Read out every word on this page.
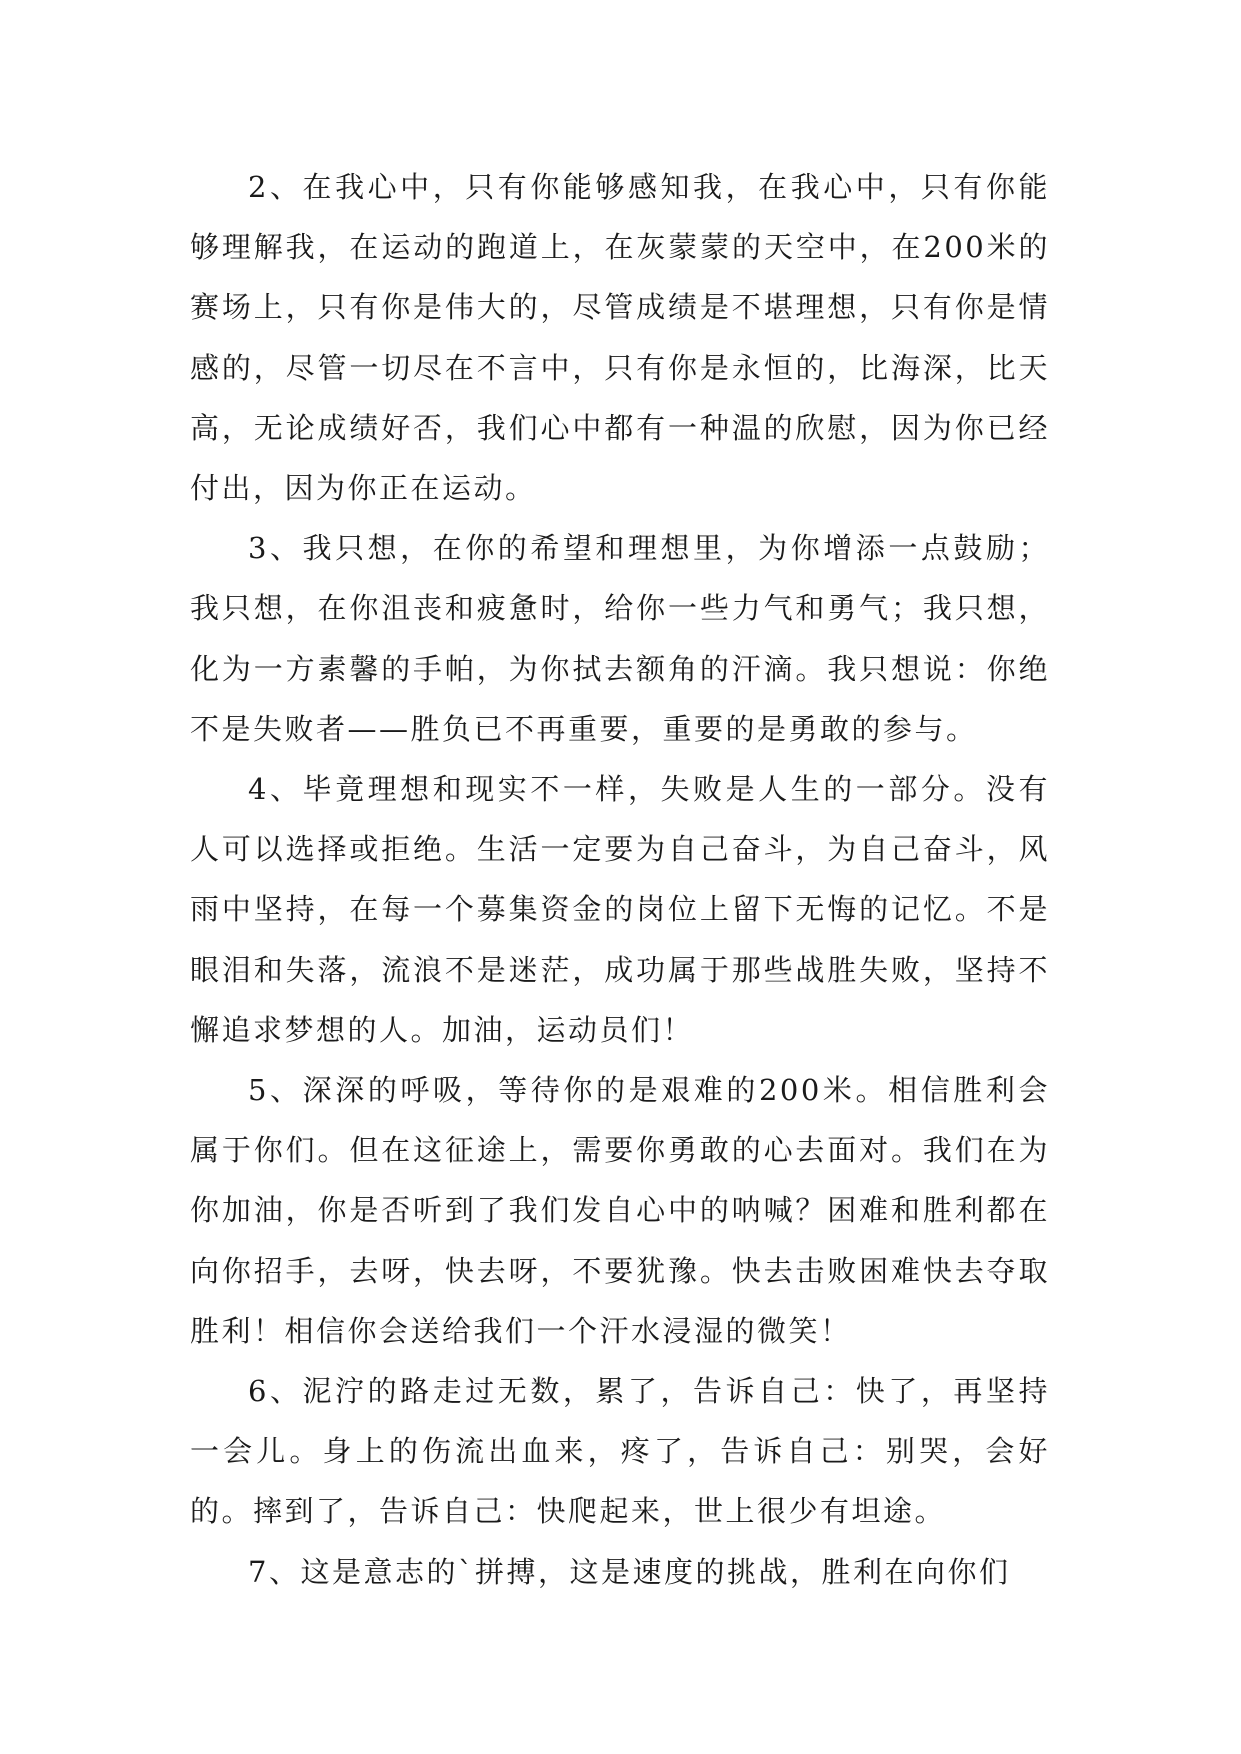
2、在我心中，只有你能够感知我，在我心中，只有你能够理解我，在运动的跑道上，在灰蒙蒙的天空中，在200米的赛场上，只有你是伟大的，尽管成绩是不堪理想，只有你是情感的，尽管一切尽在不言中，只有你是永恒的，比海深，比天高，无论成绩好否，我们心中都有一种温的欣慰，因为你已经付出，因为你正在运动。

3、我只想，在你的希望和理想里，为你增添一点鼓励；我只想，在你沮丧和疲惫时，给你一些力气和勇气；我只想，化为一方素馨的手帕，为你拭去额角的汗滴。我只想说：你绝不是失败者——胜负已不再重要，重要的是勇敢的参与。

4、毕竟理想和现实不一样，失败是人生的一部分。没有人可以选择或拒绝。生活一定要为自己奋斗，为自己奋斗，风雨中坚持，在每一个募集资金的岗位上留下无悔的记忆。不是眼泪和失落，流浪不是迷茫，成功属于那些战胜失败，坚持不懈追求梦想的人。加油，运动员们！

5、深深的呼吸，等待你的是艰难的200米。相信胜利会属于你们。但在这征途上，需要你勇敢的心去面对。我们在为你加油，你是否听到了我们发自心中的呐喊？困难和胜利都在向你招手，去呀，快去呀，不要犹豫。快去击败困难快去夺取胜利！相信你会送给我们一个汗水浸湿的微笑！

6、泥泞的路走过无数，累了，告诉自己：快了，再坚持一会儿。身上的伤流出血来，疼了，告诉自己：别哭，会好的。摔到了，告诉自己：快爬起来，世上很少有坦途。

7、这是意志的`拼搏，这是速度的挑战，胜利在向你们
